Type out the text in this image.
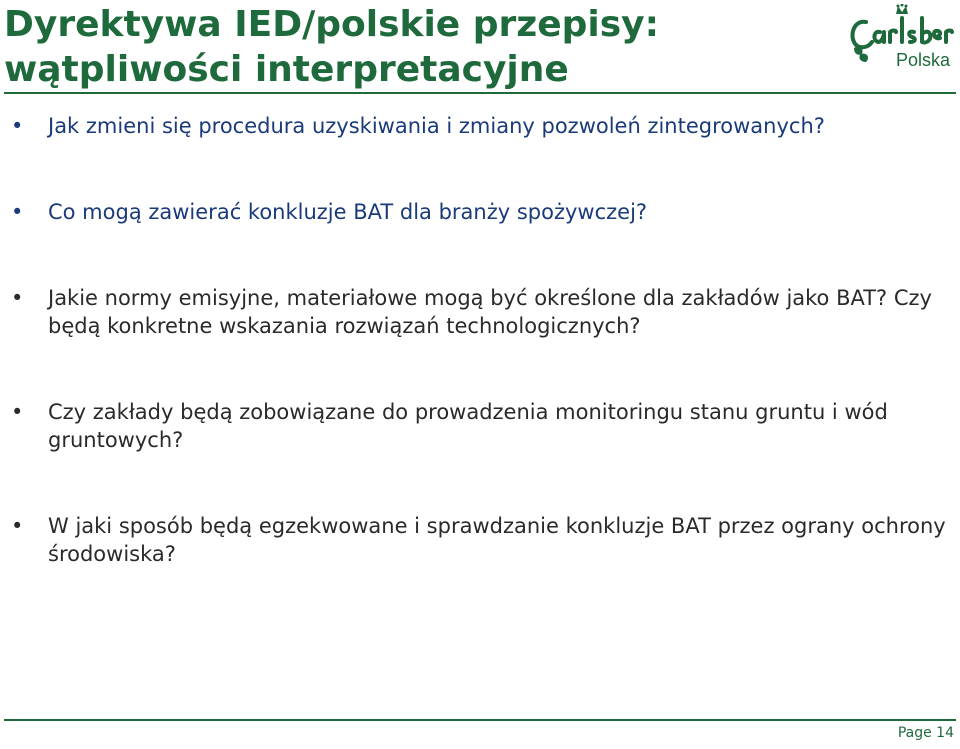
Dyrektywa IED/polskie przepisy:
wątpliwości interpretacyjne	Polska
• Jak zmieni się procedura uzyskiwania i zmiany pozwoleń zintegrowanych?
• Co mogą zawierać konkluzje BAT dla branży spożywczej?
• Jakie normy emisyjne, materiałowe mogą być określone dla zakładów jako BAT? Czy będą konkretne wskazania rozwiązań technologicznych?
• Czy zakłady będą zobowiązane do prowadzenia monitoringu stanu gruntu i wód gruntowych?
• W jaki sposób będą egzekwowane i sprawdzanie konkluzje BAT przez ograny ochrony środowiska?
Page 14
